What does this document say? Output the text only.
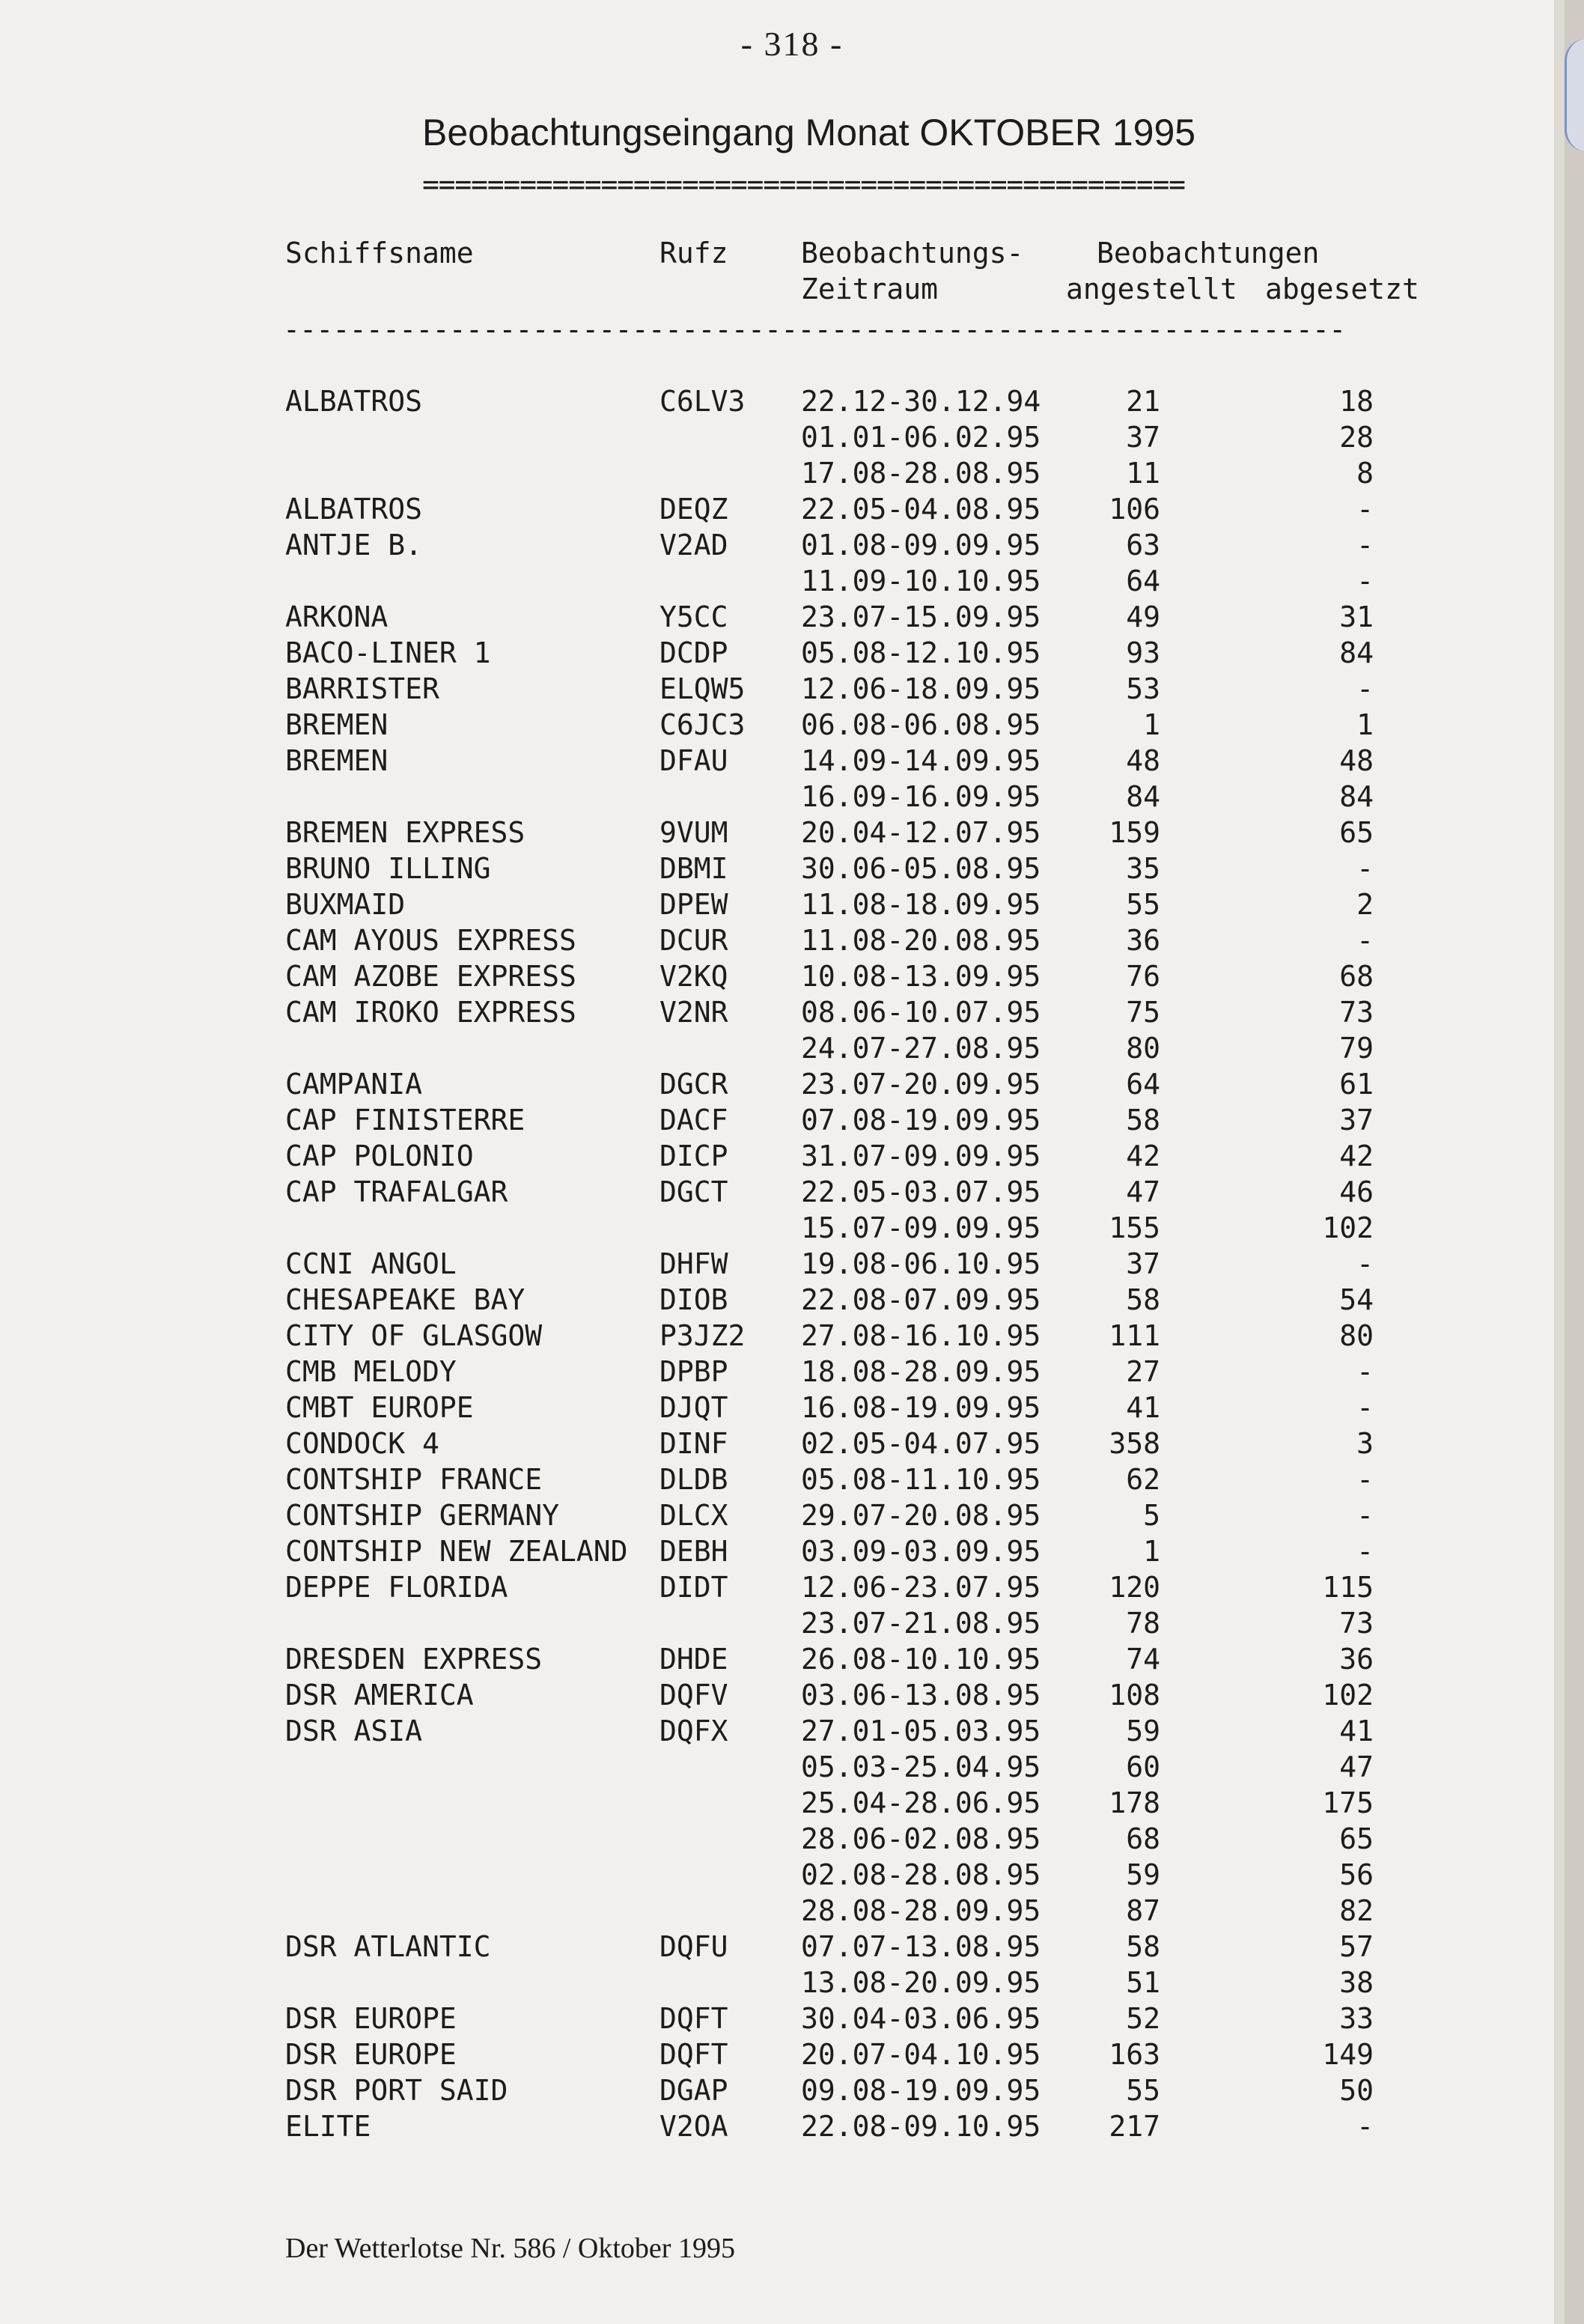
- 318 -
Beobachtungseingang Monat OKTOBER 1995
===============================================
Schiffsname	Rufz	Beobachtungs-	Beobachtungen
Zeitraum	angestellt abgesetzt
----------------------------------------------------------------
ALBATROS	C6LV3 22.12-30.12.94	21	18
01.01-06.02.95	37	28
17.08-28.08.95	11	8
ALBATROS	DEQZ	22.05-04.08.95	106	-
ANTJE B.	V2AD	01.08-09.09.95	63	-
11.09-10.10.95	64	-
ARKONA	Y5CC	23.07-15.09.95	49	31
BACO-LINER 1	DCDP	05.08-12.10.95	93	84
BARRISTER	ELQW5 12.06-18.09.95	53	-
BREMEN	C6JC3 06.08-06.08.95	1	1
BREMEN	DFAU	14.09-14.09.95	48	48
16.09-16.09.95	84	84
BREMEN EXPRESS	9VUM	20.04-12.07.95	159	65
BRUNO ILLING	DBMI	30.06-05.08.95	35	-
BUXMAID	DPEW	11.08-18.09.95	55	2
CAM AYOUS EXPRESS	DCUR	11.08-20.08.95	36	-
CAM AZOBE EXPRESS	V2KQ	10.08-13.09.95	76	68
CAM IROKO EXPRESS	V2NR	08.06-10.07.95	75	73
24.07-27.08.95	80	79
CAMPANIA	DGCR	23.07-20.09.95	64	61
CAP FINISTERRE	DACF	07.08-19.09.95	58	37
CAP POLONIO	DICP	31.07-09.09.95	42	42
CAP TRAFALGAR	DGCT	22.05-03.07.95	47	46
15.07-09.09.95	155	102
CCNI ANGOL	DHFW	19.08-06.10.95	37	-
CHESAPEAKE BAY	DIOB	22.08-07.09.95	58	54
CITY OF GLASGOW	P3JZ2 27.08-16.10.95	111	80
CMB MELODY	DPBP	18.08-28.09.95	27	-
CMBT EUROPE	DJQT	16.08-19.09.95	41	-
CONDOCK 4	DINF	02.05-04.07.95	358	3
CONTSHIP FRANCE	DLDB	05.08-11.10.95	62	-
CONTSHIP GERMANY	DLCX	29.07-20.08.95	5	-
CONTSHIP NEW ZEALAND DEBH	03.09-03.09.95	1	-
DEPPE FLORIDA	DIDT	12.06-23.07.95	120	115
23.07-21.08.95	78	73
DRESDEN EXPRESS	DHDE	26.08-10.10.95	74	36
DSR AMERICA	DQFV	03.06-13.08.95	108	102
DSR ASIA	DQFX	27.01-05.03.95	59	41
05.03-25.04.95	60	47
25.04-28.06.95	178	175
28.06-02.08.95	68	65
02.08-28.08.95	59	56
28.08-28.09.95	87	82
DSR ATLANTIC	DQFU	07.07-13.08.95	58	57
13.08-20.09.95	51	38
DSR EUROPE	DQFT	30.04-03.06.95	52	33
DSR EUROPE	DQFT	20.07-04.10.95	163	149
DSR PORT SAID	DGAP	09.08-19.09.95	55	50
ELITE	V2OA	22.08-09.10.95	217	-
Der Wetterlotse Nr. 586 / Oktober 1995
